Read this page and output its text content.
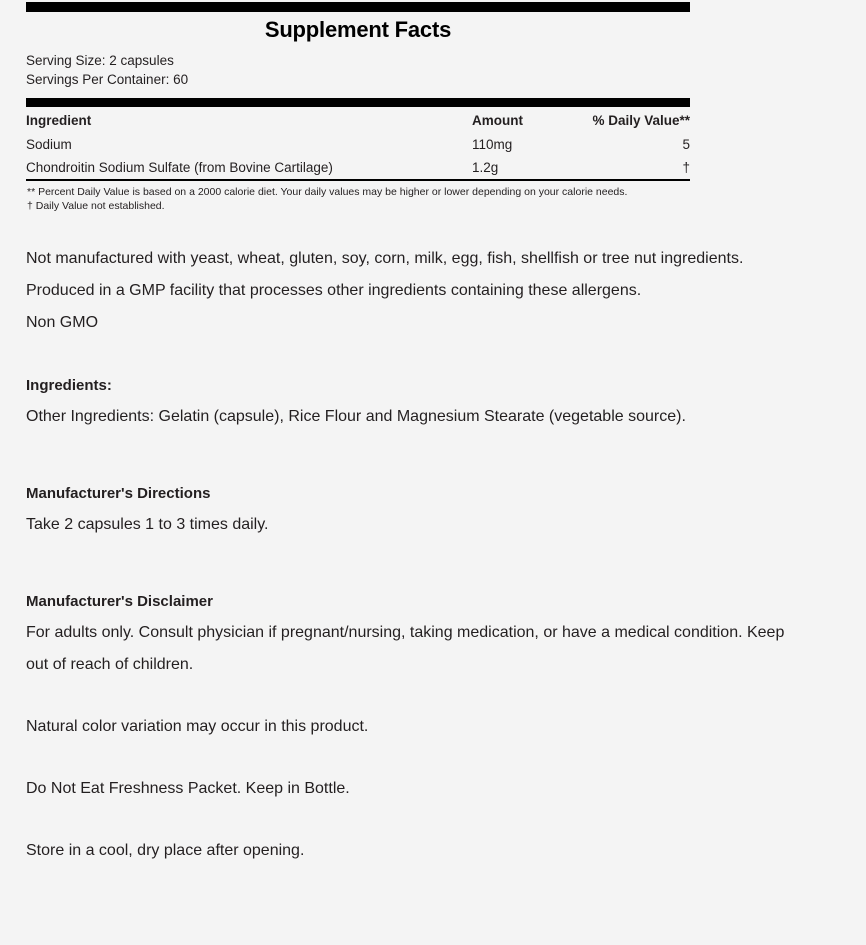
Supplement Facts
Serving Size: 2 capsules
Servings Per Container: 60
Ingredient	Amount	% Daily Value**
Sodium	110mg	5
Chondroitin Sodium Sulfate (from Bovine Cartilage)	1.2g	†
** Percent Daily Value is based on a 2000 calorie diet. Your daily values may be higher or lower depending on your calorie needs.
† Daily Value not established.

Not manufactured with yeast, wheat, gluten, soy, corn, milk, egg, fish, shellfish or tree nut ingredients. Produced in a GMP facility that processes other ingredients containing these allergens.

Non GMO

Ingredients:

Other Ingredients: Gelatin (capsule), Rice Flour and Magnesium Stearate (vegetable source).

Manufacturer's Directions

Take 2 capsules 1 to 3 times daily.

Manufacturer's Disclaimer

For adults only. Consult physician if pregnant/nursing, taking medication, or have a medical condition. Keep out of reach of children.

Natural color variation may occur in this product.

Do Not Eat Freshness Packet. Keep in Bottle.

Store in a cool, dry place after opening.
